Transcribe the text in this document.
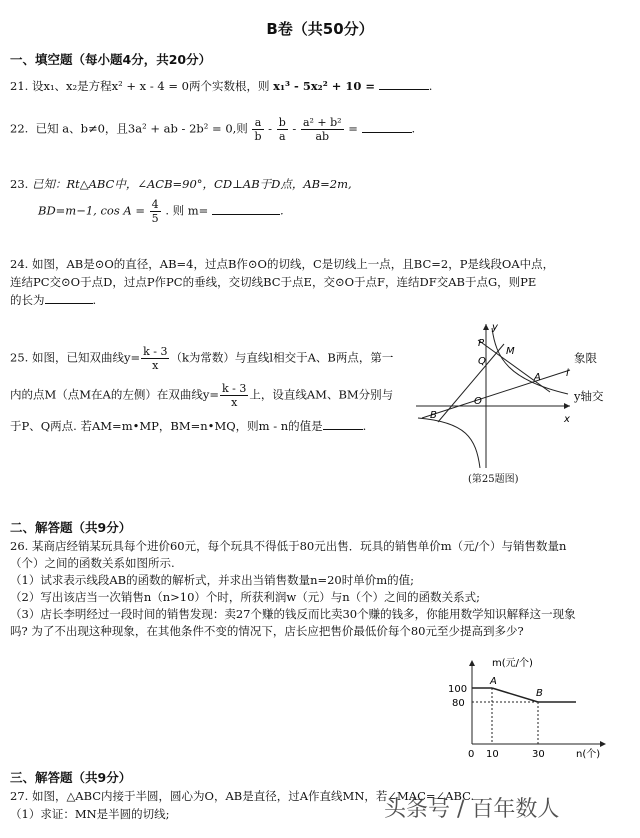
B卷（共50分）
一、填空题（每小题4分，共20分）
21. 设x₁、x₂是方程x² + x - 4 = 0两个实数根，则 x₁³ - 5x₂² + 10 =	.
22. 已知 a、b≠0，且3a² + ab - 2b² = 0,则 $\frac{a}{b} - \frac{b}{a} - \frac{\text{a² + b²}}{ab}$ =	.
23. 已知：Rt△ABC中，∠ACB=90°，CD⊥AB于D点，AB=2m,
BD=m−1, $\cos A = \frac{4}{5}$ . 则 m=	.
24. 如图，AB是⊙O的直径，AB=4，过点B作⊙O的切线，C是切线上一点，且BC=2，P是线段OA中点，
连结PC交⊙O于点D，过点P作PC的垂线，交切线BC于点E，交⊙O于点F，连结DF交AB于点G，则PE
的长为	.
25. 如图，已知双曲线$y= \frac{k - 3}{x} (k$为常数）与直线l相交于A、B两点，第一	象限
内的点M（点M在A的左侧）在双曲线$y= \frac{k - 3}{x}$ 上，设直线AM、BM分别与	y轴交
于P、Q两点. 若AM=m•MP，BM=n•MQ，则m - n的值是	.
y
x
P
Q
M
A
B
O
l
(第25题图)
二、解答题（共9分）
26. 某商店经销某玩具每个进价60元，每个玩具不得低于80元出售．玩具的销售单价m（元/个）与销售数量n
（个）之间的函数关系如图所示.
（1）试求表示线段AB的函数的解析式，并求出当销售数量n=20时单价m的值;
（2）写出该店当一次销售n（n>10）个时，所获利润w（元）与n（个）之间的函数关系式;
（3）店长李明经过一段时间的销售发现：卖27个赚的钱反而比卖30个赚的钱多，你能用数学知识解释这一现象
吗? 为了不出现这种现象，在其他条件不变的情况下，店长应把售价最低价每个80元至少提高到多少?
m(元/个)
n(个)
100
80
0 10	30
A
B
三、解答题（共9分）
27. 如图，△ABC内接于半圆，圆心为O，AB是直径，过A作直线MN，若∠MAC=∠ABC.
（1）求证：MN是半圆的切线;	头条号 / 百年数人
